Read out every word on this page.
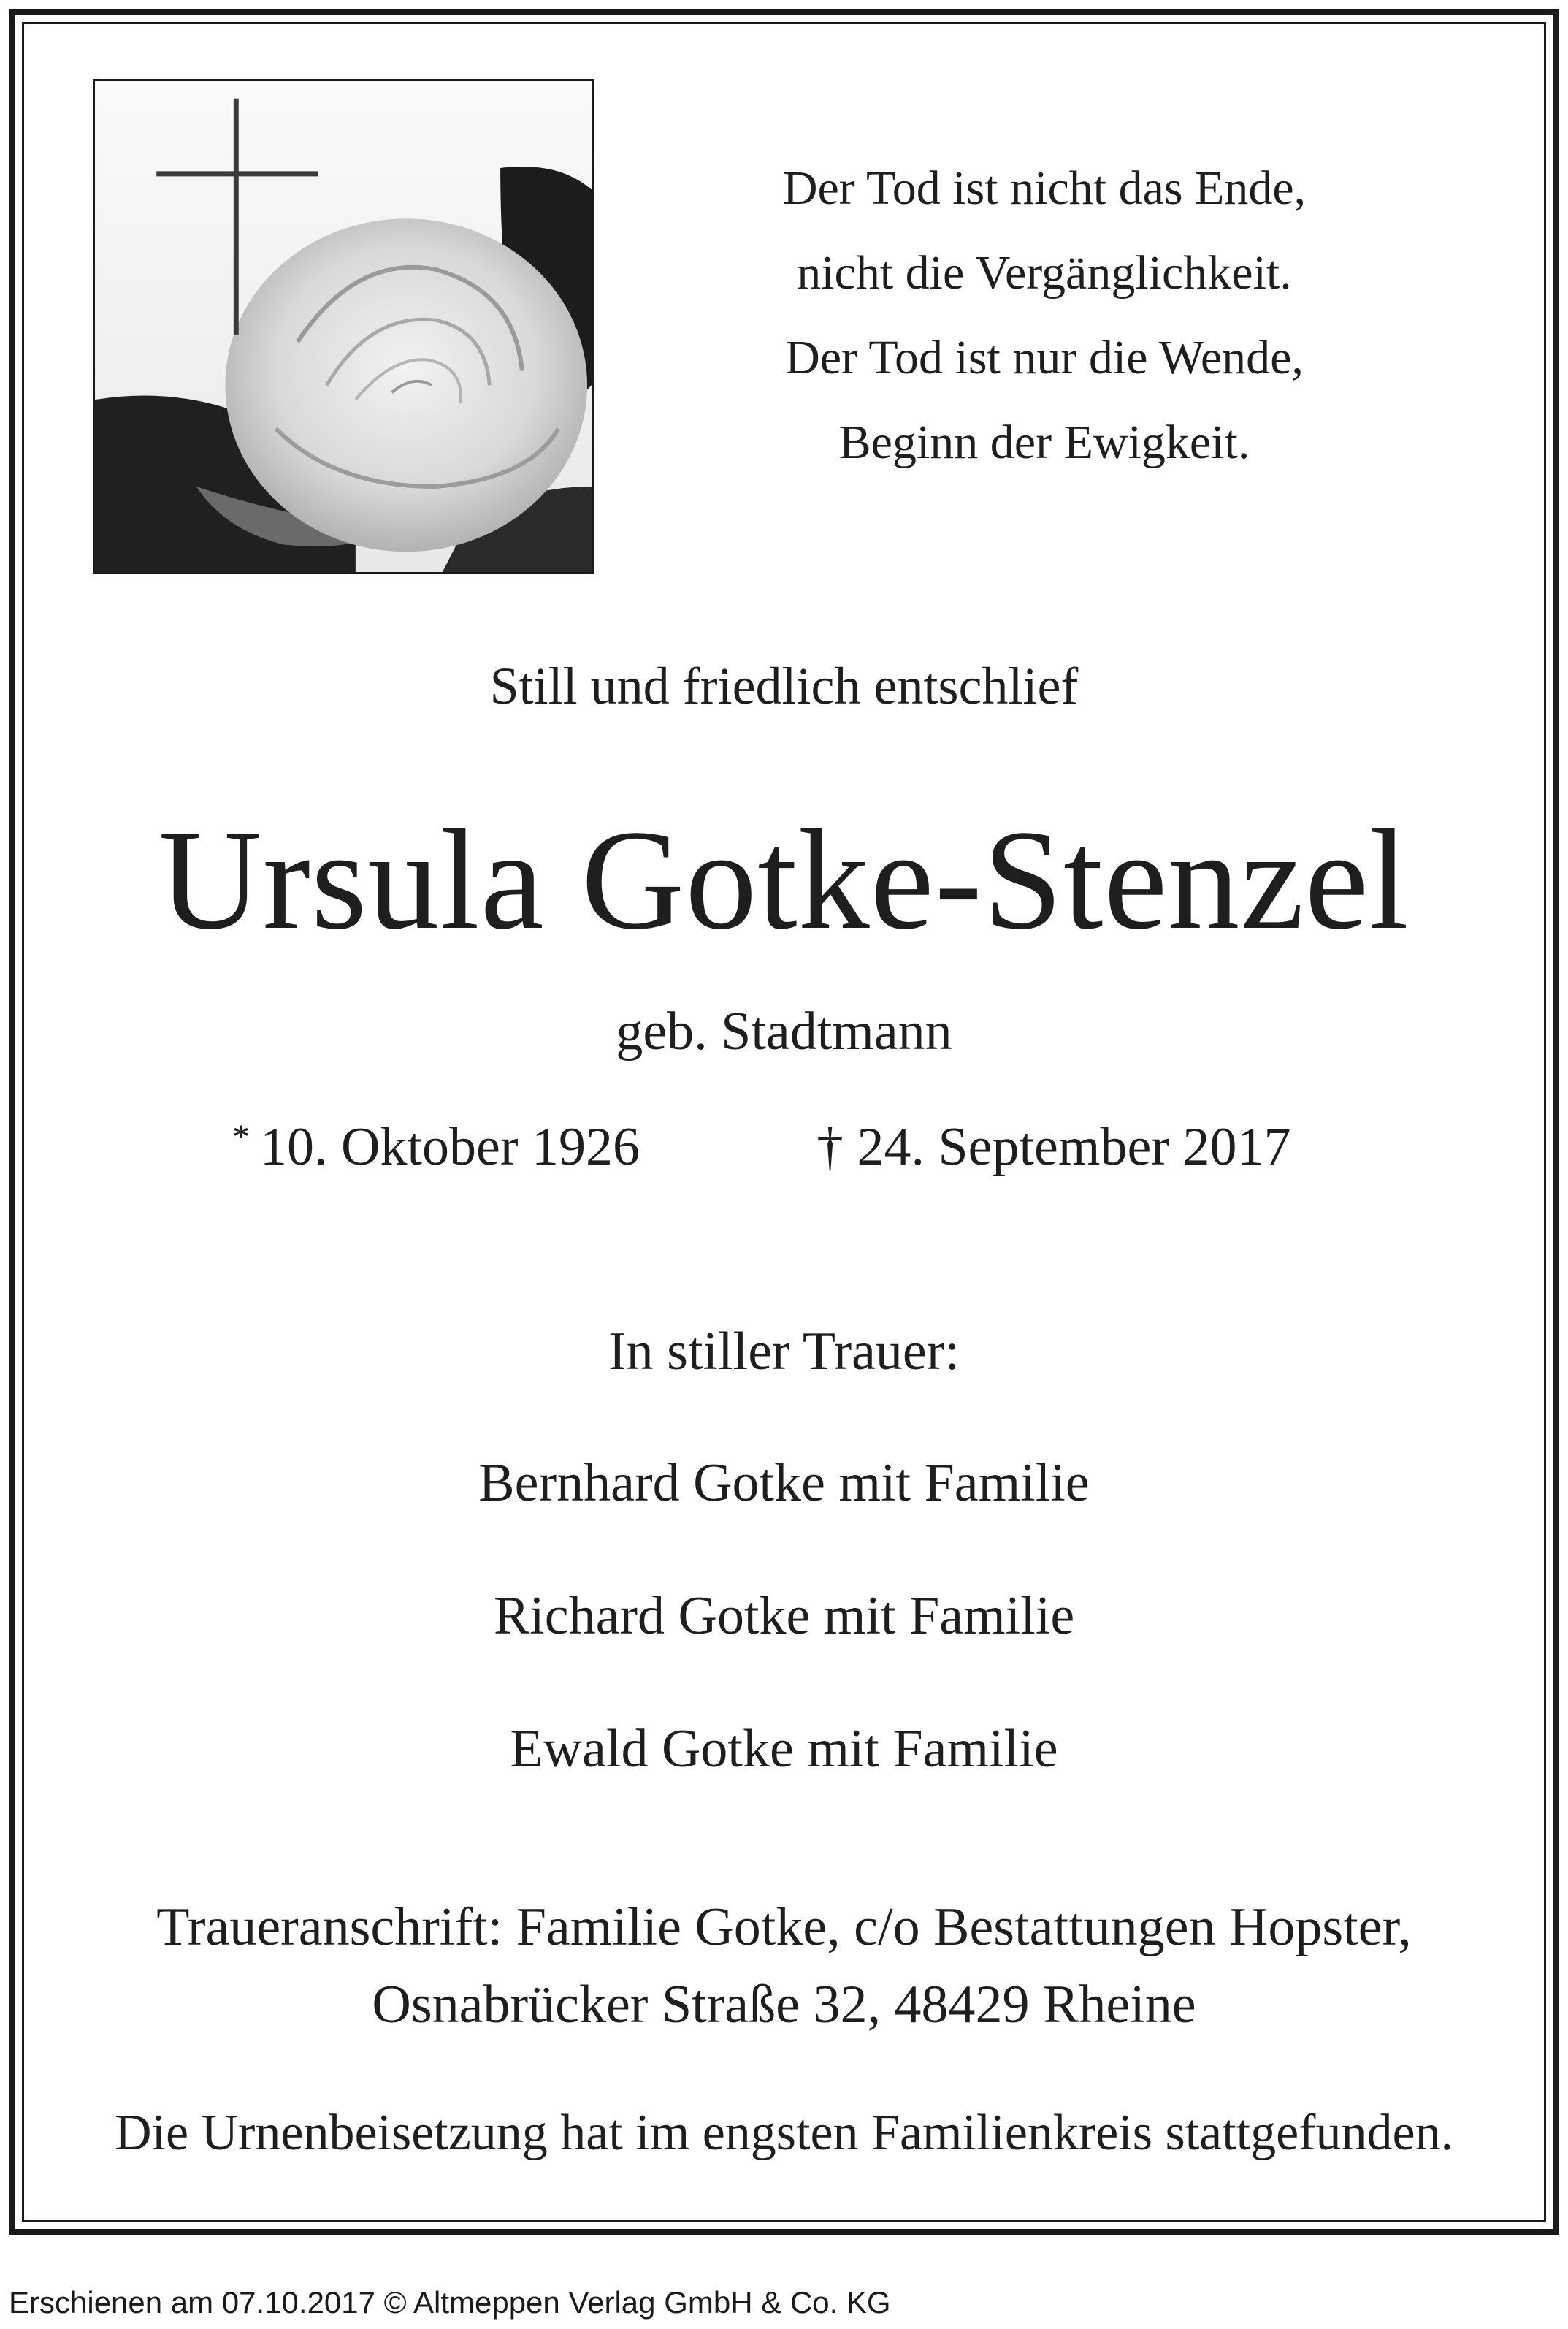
Der Tod ist nicht das Ende,
nicht die Vergänglichkeit.
Der Tod ist nur die Wende,
Beginn der Ewigkeit.
Still und friedlich entschlief
Ursula Gotke-Stenzel
geb. Stadtmann
* 10. Oktober 1926	† 24. September 2017
In stiller Trauer:
Bernhard Gotke mit Familie
Richard Gotke mit Familie
Ewald Gotke mit Familie
Traueranschrift: Familie Gotke, c/o Bestattungen Hopster,
Osnabrücker Straße 32, 48429 Rheine
Die Urnenbeisetzung hat im engsten Familienkreis stattgefunden.
Erschienen am 07.10.2017 © Altmeppen Verlag GmbH & Co. KG
